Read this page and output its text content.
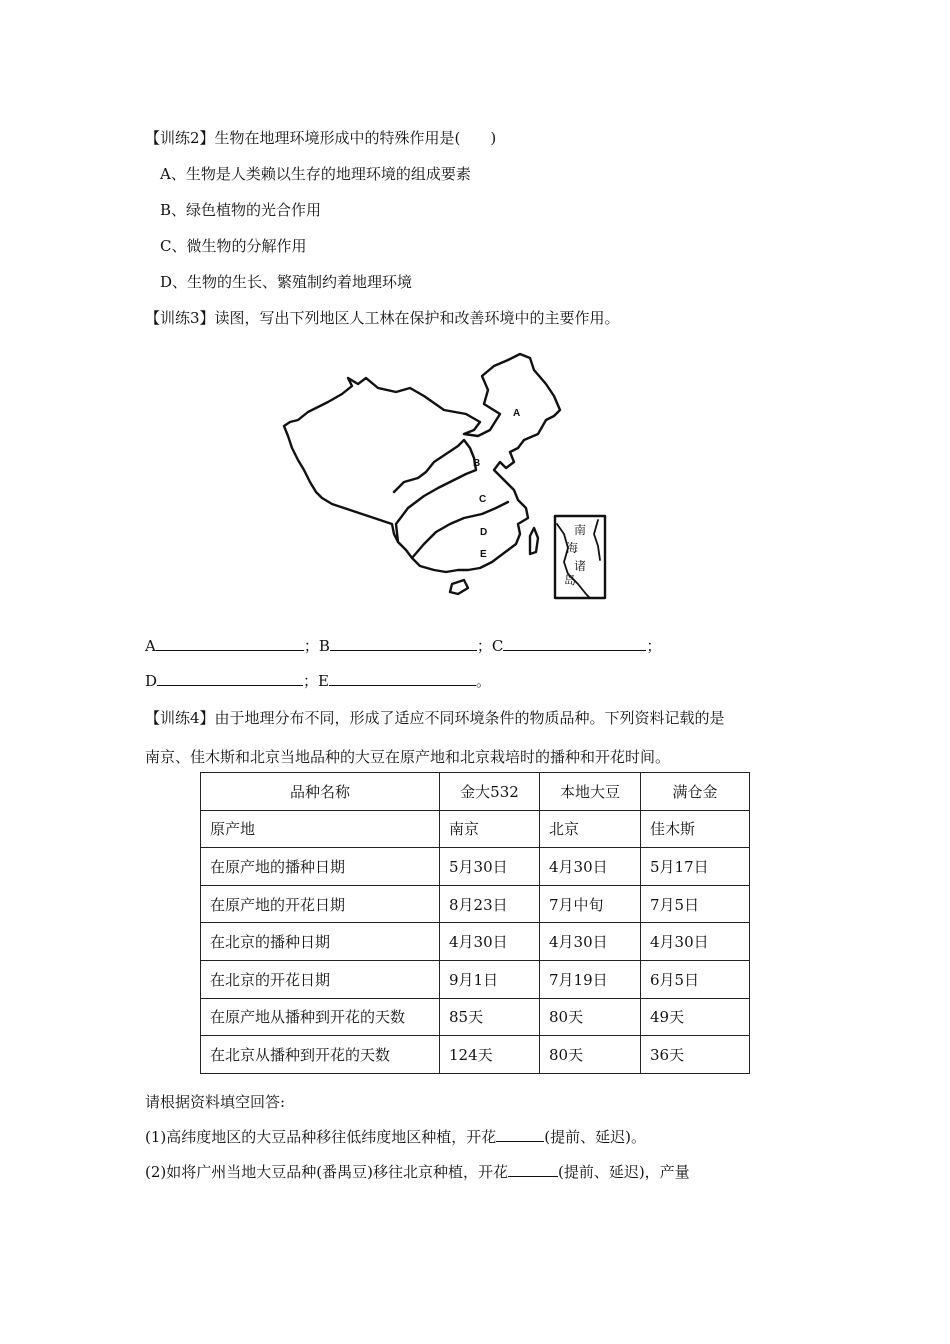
【训练2】生物在地理环境形成中的特殊作用是(　　)
A、生物是人类赖以生存的地理环境的组成要素
B、绿色植物的光合作用
C、微生物的分解作用
D、生物的生长、繁殖制约着地理环境
【训练3】读图，写出下列地区人工林在保护和改善环境中的主要作用。
A
B
C
D
E
南
海
诸
岛
A	；B	；C	；
D	；E	。
【训练4】由于地理分布不同，形成了适应不同环境条件的物质品种。下列资料记载的是
南京、佳木斯和北京当地品种的大豆在原产地和北京栽培时的播种和开花时间。
品种名称	金大532	本地大豆	满仓金
原产地	南京	北京	佳木斯
在原产地的播种日期	5月30日	4月30日	5月17日
在原产地的开花日期	8月23日	7月中旬	7月5日
在北京的播种日期	4月30日	4月30日	4月30日
在北京的开花日期	9月1日	7月19日	6月5日
在原产地从播种到开花的天数	85天	80天	49天
在北京从播种到开花的天数	124天	80天	36天
请根据资料填空回答:
(1)高纬度地区的大豆品种移往低纬度地区种植，开花	(提前、延迟)。
(2)如将广州当地大豆品种(番禺豆)移往北京种植，开花	(提前、延迟)，产量
